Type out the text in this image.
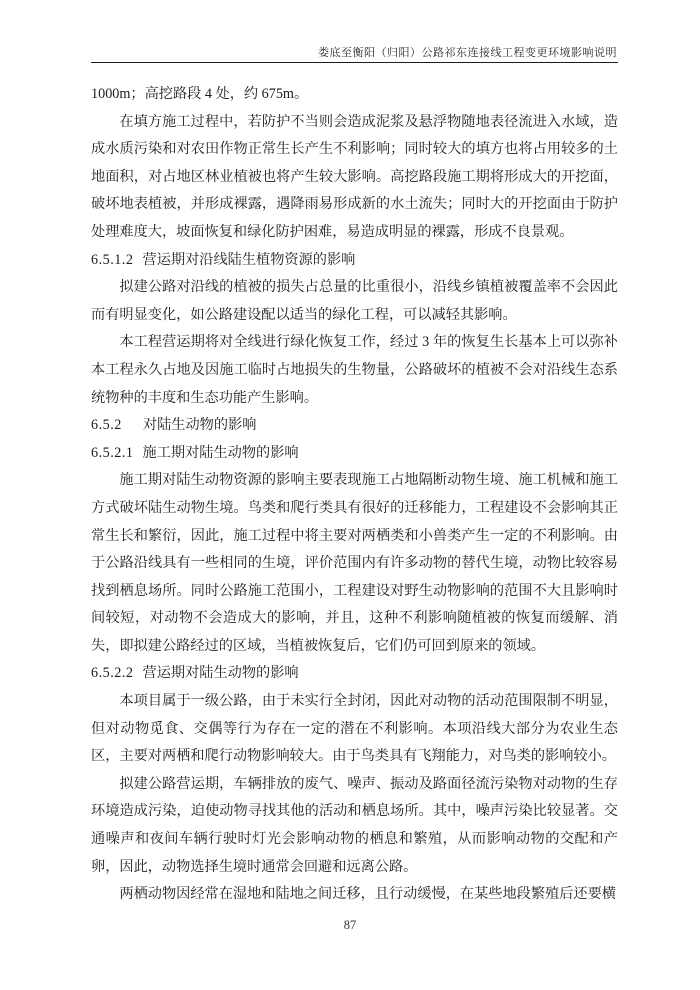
娄底至衡阳（归阳）公路祁东连接线工程变更环境影响说明

1000m；高挖路段 4 处，约 675m。

在填方施工过程中，若防护不当则会造成泥浆及悬浮物随地表径流进入水域，造成水质污染和对农田作物正常生长产生不利影响；同时较大的填方也将占用较多的土地面积，对占地区林业植被也将产生较大影响。高挖路段施工期将形成大的开挖面，破坏地表植被，并形成裸露，遇降雨易形成新的水土流失；同时大的开挖面由于防护处理难度大，坡面恢复和绿化防护困难，易造成明显的裸露，形成不良景观。

6.5.1.2 营运期对沿线陆生植物资源的影响

拟建公路对沿线的植被的损失占总量的比重很小，沿线乡镇植被覆盖率不会因此而有明显变化，如公路建设配以适当的绿化工程，可以减轻其影响。

本工程营运期将对全线进行绿化恢复工作，经过 3 年的恢复生长基本上可以弥补本工程永久占地及因施工临时占地损失的生物量，公路破坏的植被不会对沿线生态系统物种的丰度和生态功能产生影响。

6.5.2 对陆生动物的影响

6.5.2.1 施工期对陆生动物的影响

施工期对陆生动物资源的影响主要表现施工占地隔断动物生境、施工机械和施工方式破坏陆生动物生境。鸟类和爬行类具有很好的迁移能力，工程建设不会影响其正常生长和繁衍，因此，施工过程中将主要对两栖类和小兽类产生一定的不利影响。由于公路沿线具有一些相同的生境，评价范围内有许多动物的替代生境，动物比较容易找到栖息场所。同时公路施工范围小，工程建设对野生动物影响的范围不大且影响时间较短，对动物不会造成大的影响，并且，这种不利影响随植被的恢复而缓解、消失，即拟建公路经过的区域，当植被恢复后，它们仍可回到原来的领域。

6.5.2.2 营运期对陆生动物的影响

本项目属于一级公路，由于未实行全封闭，因此对动物的活动范围限制不明显，但对动物觅食、交偶等行为存在一定的潜在不利影响。本项沿线大部分为农业生态区，主要对两栖和爬行动物影响较大。由于鸟类具有飞翔能力，对鸟类的影响较小。

拟建公路营运期，车辆排放的废气、噪声、振动及路面径流污染物对动物的生存环境造成污染，迫使动物寻找其他的活动和栖息场所。其中，噪声污染比较显著。交通噪声和夜间车辆行驶时灯光会影响动物的栖息和繁殖，从而影响动物的交配和产卵，因此，动物选择生境时通常会回避和远离公路。

两栖动物因经常在湿地和陆地之间迁移，且行动缓慢，在某些地段繁殖后还要横

87
